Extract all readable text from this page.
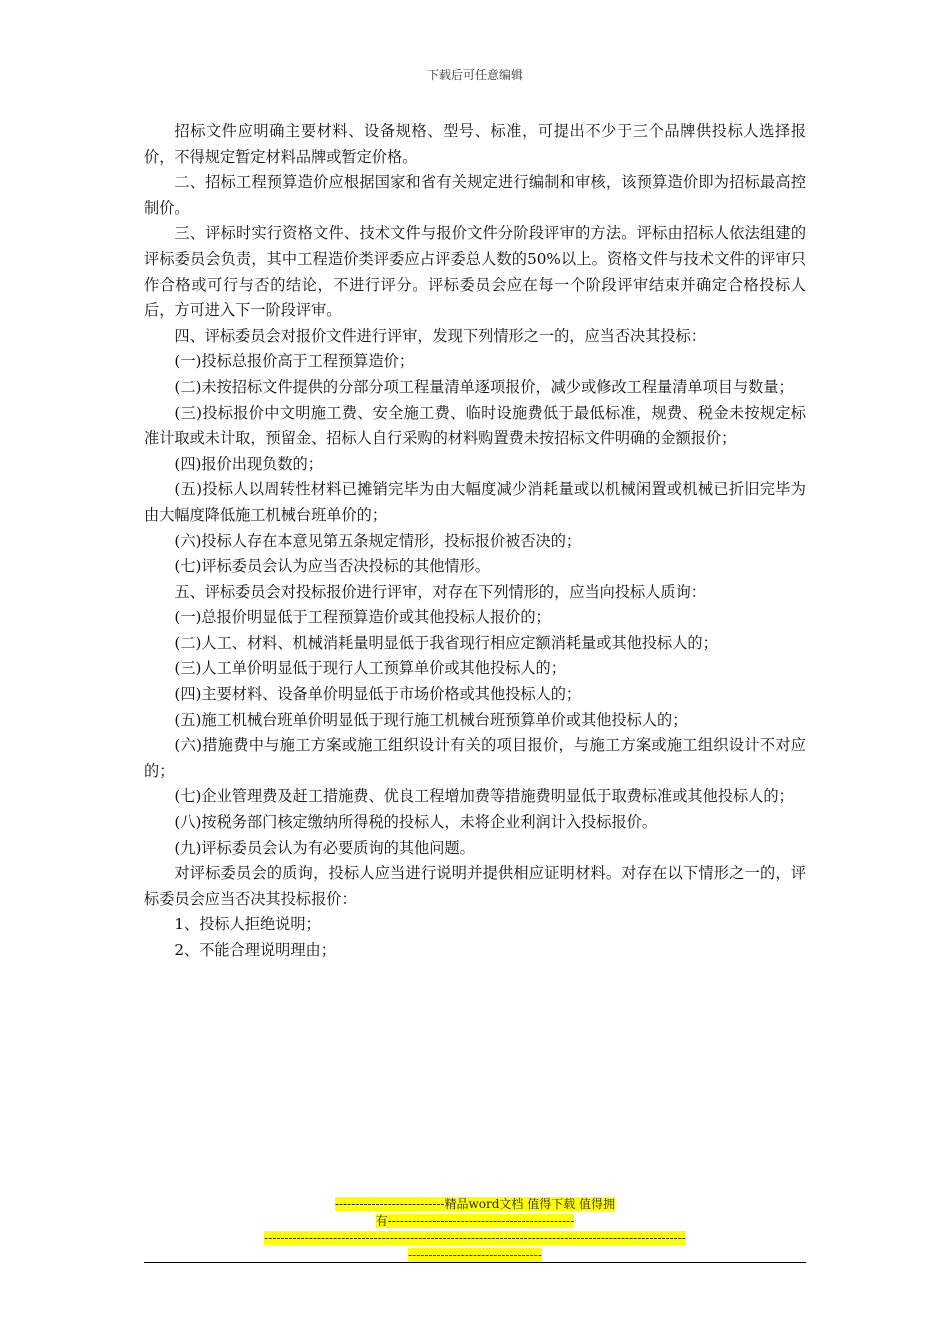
下载后可任意编辑

招标文件应明确主要材料、设备规格、型号、标准，可提出不少于三个品牌供投标人选择报价，不得规定暂定材料品牌或暂定价格。

二、招标工程预算造价应根据国家和省有关规定进行编制和审核，该预算造价即为招标最高控制价。

三、评标时实行资格文件、技术文件与报价文件分阶段评审的方法。评标由招标人依法组建的评标委员会负责，其中工程造价类评委应占评委总人数的50%以上。资格文件与技术文件的评审只作合格或可行与否的结论，不进行评分。评标委员会应在每一个阶段评审结束并确定合格投标人后，方可进入下一阶段评审。

四、评标委员会对报价文件进行评审，发现下列情形之一的，应当否决其投标：

(一)投标总报价高于工程预算造价；

(二)未按招标文件提供的分部分项工程量清单逐项报价，减少或修改工程量清单项目与数量；

(三)投标报价中文明施工费、安全施工费、临时设施费低于最低标准，规费、税金未按规定标准计取或未计取，预留金、招标人自行采购的材料购置费未按招标文件明确的金额报价；

(四)报价出现负数的；

(五)投标人以周转性材料已摊销完毕为由大幅度减少消耗量或以机械闲置或机械已折旧完毕为由大幅度降低施工机械台班单价的；

(六)投标人存在本意见第五条规定情形，投标报价被否决的；

(七)评标委员会认为应当否决投标的其他情形。

五、评标委员会对投标报价进行评审，对存在下列情形的，应当向投标人质询：

(一)总报价明显低于工程预算造价或其他投标人报价的；

(二)人工、材料、机械消耗量明显低于我省现行相应定额消耗量或其他投标人的；

(三)人工单价明显低于现行人工预算单价或其他投标人的；

(四)主要材料、设备单价明显低于市场价格或其他投标人的；

(五)施工机械台班单价明显低于现行施工机械台班预算单价或其他投标人的；

(六)措施费中与施工方案或施工组织设计有关的项目报价，与施工方案或施工组织设计不对应的；

(七)企业管理费及赶工措施费、优良工程增加费等措施费明显低于取费标准或其他投标人的；

(八)按税务部门核定缴纳所得税的投标人，未将企业利润计入投标报价。

(九)评标委员会认为有必要质询的其他问题。

对评标委员会的质询，投标人应当进行说明并提供相应证明材料。对存在以下情形之一的，评标委员会应当否决其投标报价：

1、投标人拒绝说明；

2、不能合理说明理由；

---------------------------精品word文档 值得下载 值得拥
有----------------------------------------------
--------------------------------------------------------------------------------------------------------
---------------------------------
